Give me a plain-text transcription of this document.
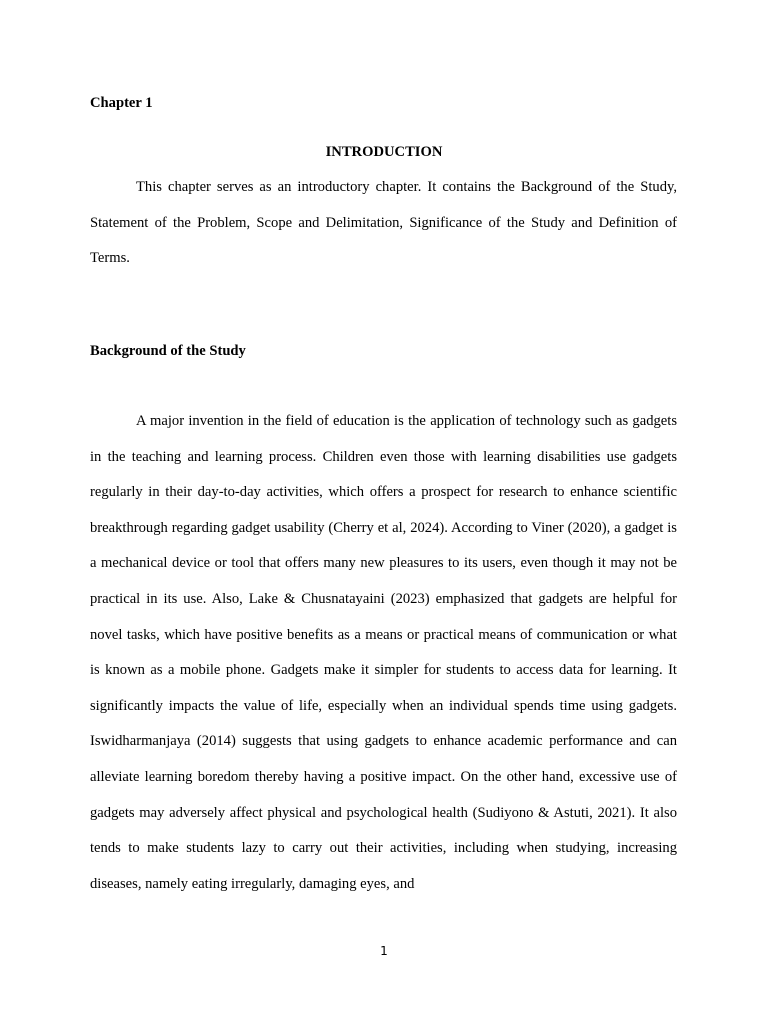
Chapter 1

INTRODUCTION

This chapter serves as an introductory chapter. It contains the Background of the Study, Statement of the Problem, Scope and Delimitation, Significance of the Study and Definition of Terms.

Background of the Study

A major invention in the field of education is the application of technology such as gadgets in the teaching and learning process. Children even those with learning disabilities use gadgets regularly in their day-to-day activities, which offers a prospect for research to enhance scientific breakthrough regarding gadget usability (Cherry et al, 2024). According to Viner (2020), a gadget is a mechanical device or tool that offers many new pleasures to its users, even though it may not be practical in its use. Also, Lake & Chusnatayaini (2023) emphasized that gadgets are helpful for novel tasks, which have positive benefits as a means or practical means of communication or what is known as a mobile phone. Gadgets make it simpler for students to access data for learning. It significantly impacts the value of life, especially when an individual spends time using gadgets. Iswidharmanjaya (2014) suggests that using gadgets to enhance academic performance and can alleviate learning boredom thereby having a positive impact. On the other hand, excessive use of gadgets may adversely affect physical and psychological health (Sudiyono & Astuti, 2021). It also tends to make students lazy to carry out their activities, including when studying, increasing diseases, namely eating irregularly, damaging eyes, and

1
